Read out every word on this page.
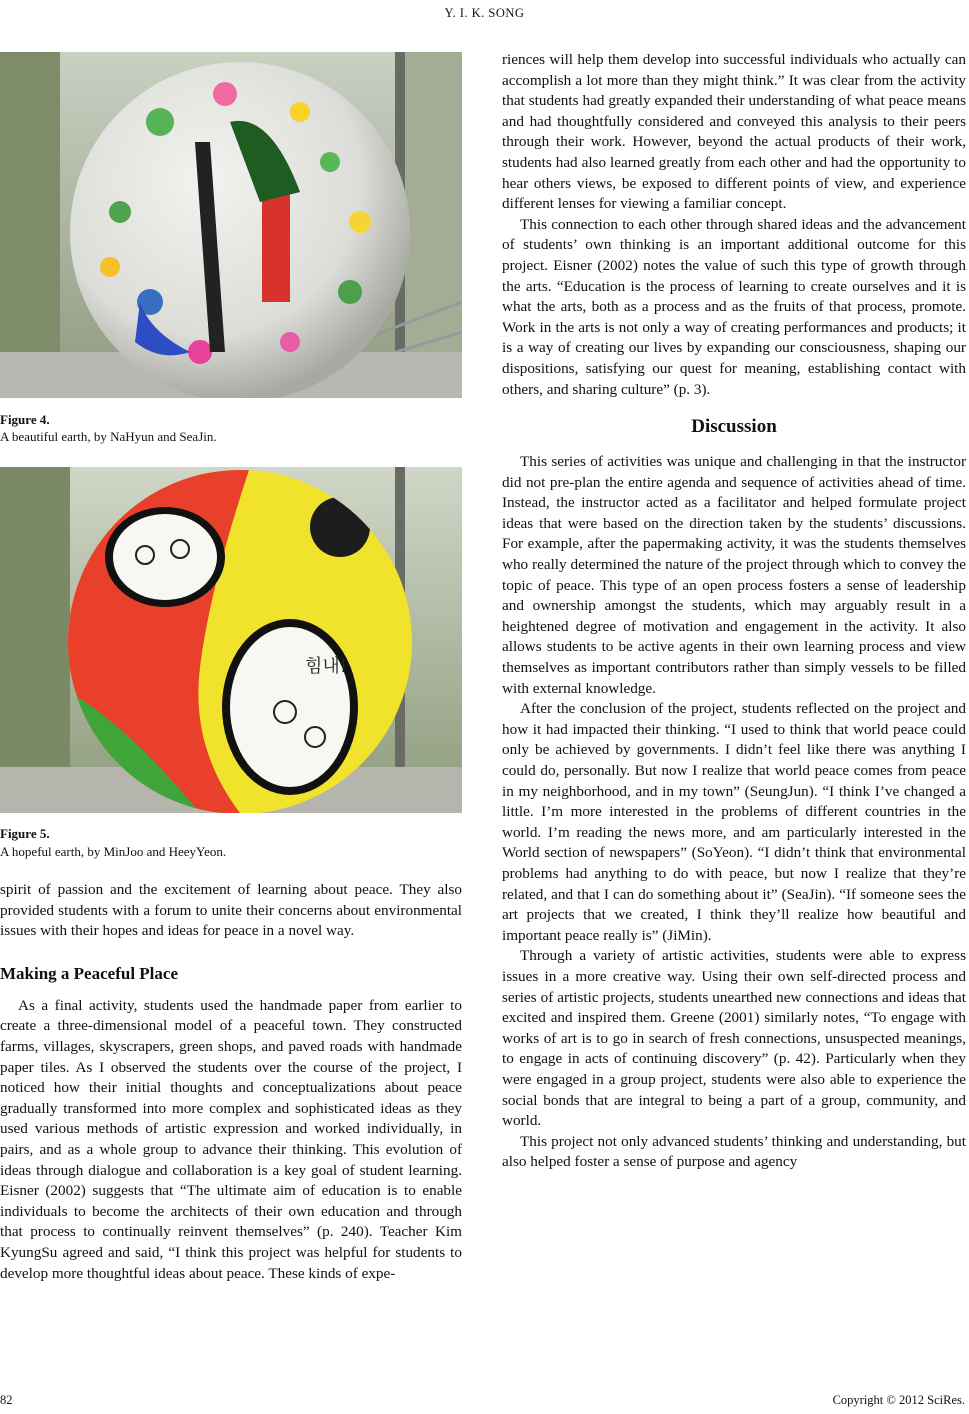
Y. I. K. SONG
Figure 4.
A beautiful earth, by NaHyun and SeaJin.
힘내!
Figure 5.
A hopeful earth, by MinJoo and HeeyYeon.

spirit of passion and the excitement of learning about peace. They also provided students with a forum to unite their concerns about environmental issues with their hopes and ideas for peace in a novel way.

Making a Peaceful Place

As a final activity, students used the handmade paper from earlier to create a three-dimensional model of a peaceful town. They constructed farms, villages, skyscrapers, green shops, and paved roads with handmade paper tiles. As I observed the students over the course of the project, I noticed how their initial thoughts and conceptualizations about peace gradually transformed into more complex and sophisticated ideas as they used various methods of artistic expression and worked individually, in pairs, and as a whole group to advance their thinking. This evolution of ideas through dialogue and collaboration is a key goal of student learning. Eisner (2002) suggests that “The ultimate aim of education is to enable individuals to become the architects of their own education and through that process to continually reinvent themselves” (p. 240). Teacher Kim KyungSu agreed and said, “I think this project was helpful for students to develop more thoughtful ideas about peace. These kinds of expe-

riences will help them develop into successful individuals who actually can accomplish a lot more than they might think.” It was clear from the activity that students had greatly expanded their understanding of what peace means and had thoughtfully considered and conveyed this analysis to their peers through their work. However, beyond the actual products of their work, students had also learned greatly from each other and had the opportunity to hear others views, be exposed to different points of view, and experience different lenses for viewing a familiar concept.

This connection to each other through shared ideas and the advancement of students’ own thinking is an important additional outcome for this project. Eisner (2002) notes the value of such this type of growth through the arts. “Education is the process of learning to create ourselves and it is what the arts, both as a process and as the fruits of that process, promote. Work in the arts is not only a way of creating performances and products; it is a way of creating our lives by expanding our consciousness, shaping our dispositions, satisfying our quest for meaning, establishing contact with others, and sharing culture” (p. 3).

Discussion

This series of activities was unique and challenging in that the instructor did not pre-plan the entire agenda and sequence of activities ahead of time. Instead, the instructor acted as a facilitator and helped formulate project ideas that were based on the direction taken by the students’ discussions. For example, after the papermaking activity, it was the students themselves who really determined the nature of the project through which to convey the topic of peace. This type of an open process fosters a sense of leadership and ownership amongst the students, which may arguably result in a heightened degree of motivation and engagement in the activity. It also allows students to be active agents in their own learning process and view themselves as important contributors rather than simply vessels to be filled with external knowledge.

After the conclusion of the project, students reflected on the project and how it had impacted their thinking. “I used to think that world peace could only be achieved by governments. I didn’t feel like there was anything I could do, personally. But now I realize that world peace comes from peace in my neighborhood, and in my town” (SeungJun). “I think I’ve changed a little. I’m more interested in the problems of different countries in the world. I’m reading the news more, and am particularly interested in the World section of newspapers” (SoYeon). “I didn’t think that environmental problems had anything to do with peace, but now I realize that they’re related, and that I can do something about it” (SeaJin). “If someone sees the art projects that we created, I think they’ll realize how beautiful and important peace really is” (JiMin).

Through a variety of artistic activities, students were able to express issues in a more creative way. Using their own self-directed process and series of artistic projects, students unearthed new connections and ideas that excited and inspired them. Greene (2001) similarly notes, “To engage with works of art is to go in search of fresh connections, unsuspected meanings, to engage in acts of continuing discovery” (p. 42). Particularly when they were engaged in a group project, students were also able to experience the social bonds that are integral to being a part of a group, community, and world.

This project not only advanced students’ thinking and understanding, but also helped foster a sense of purpose and agency

82	Copyright © 2012 SciRes.
